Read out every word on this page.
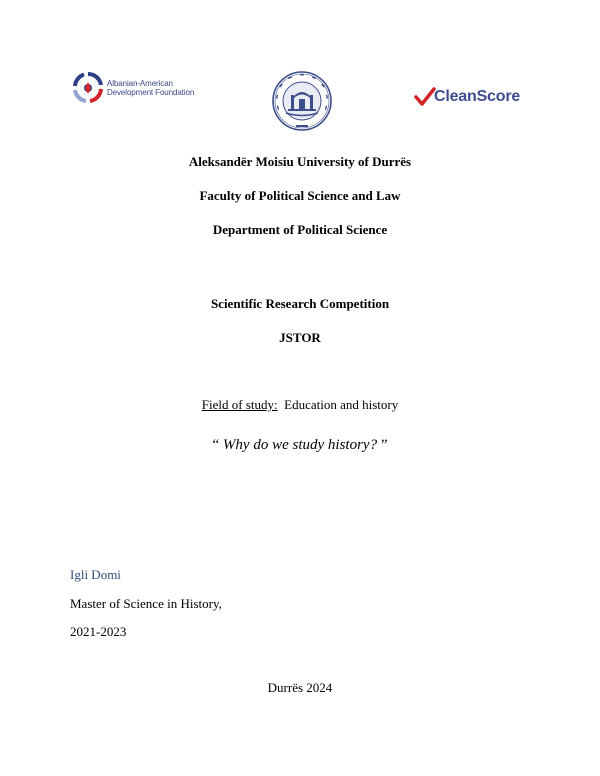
Albanian-American
Development Foundation	CleanScore
Aleksandër Moisiu University of Durrës
Faculty of Political Science and Law
Department of Political Science
Scientific Research Competition
JSTOR
Field of study: Education and history
“ Why do we study history? ”
Igli Domi
Master of Science in History,
2021-2023
Durrës 2024
